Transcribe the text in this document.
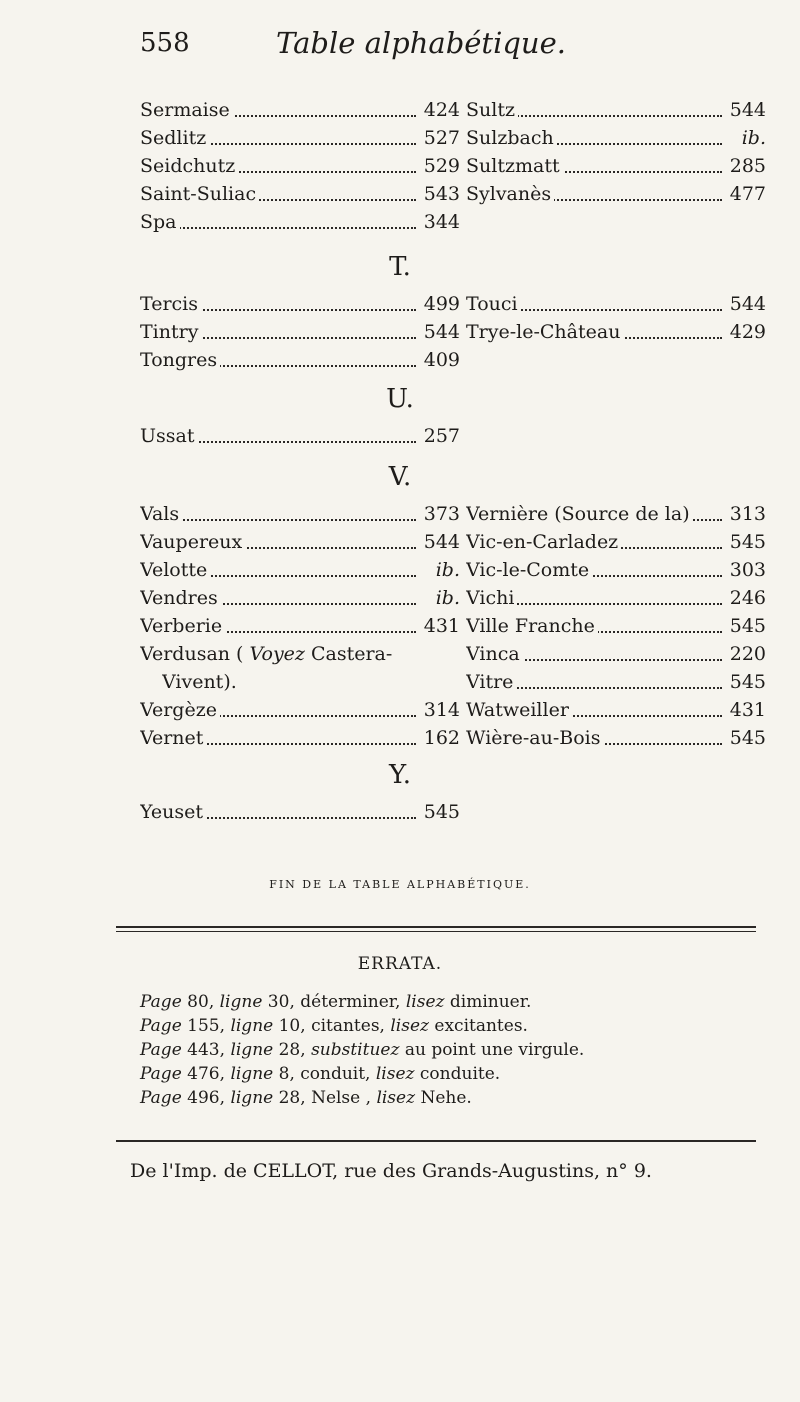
558	Table alphabétique.
Sermaise	424
Sedlitz	527
Seidchutz	529
Saint-Suliac	543
Spa	344
Sultz	544
Sulzbach	ib.
Sultzmatt	285
Sylvanès	477
T.
Tercis	499
Tintry	544
Tongres	409
Touci	544
Trye-le-Château	429
U.
Ussat	257
V.
Vals	373
Vaupereux	544
Velotte	ib.
Vendres	ib.
Verberie	431
Verdusan ( Voyez Castera-
Vivent).
Vergèze	314
Vernet	162
Vernière (Source de la) 313
Vic-en-Carladez	545
Vic-le-Comte	303
Vichi	246
Ville Franche	545
Vinca	220
Vitre	545
Watweiller	431
Wière-au-Bois	545
Y.
Yeuset	545
FIN DE LA TABLE ALPHABÉTIQUE.
ERRATA.
Page 80, ligne 30, déterminer, lisez diminuer.
Page 155, ligne 10, citantes, lisez excitantes.
Page 443, ligne 28, substituez au point une virgule.
Page 476, ligne 8, conduit, lisez conduite.
Page 496, ligne 28, Nelse , lisez Nehe.
De l'Imp. de CELLOT, rue des Grands-Augustins, n° 9.
